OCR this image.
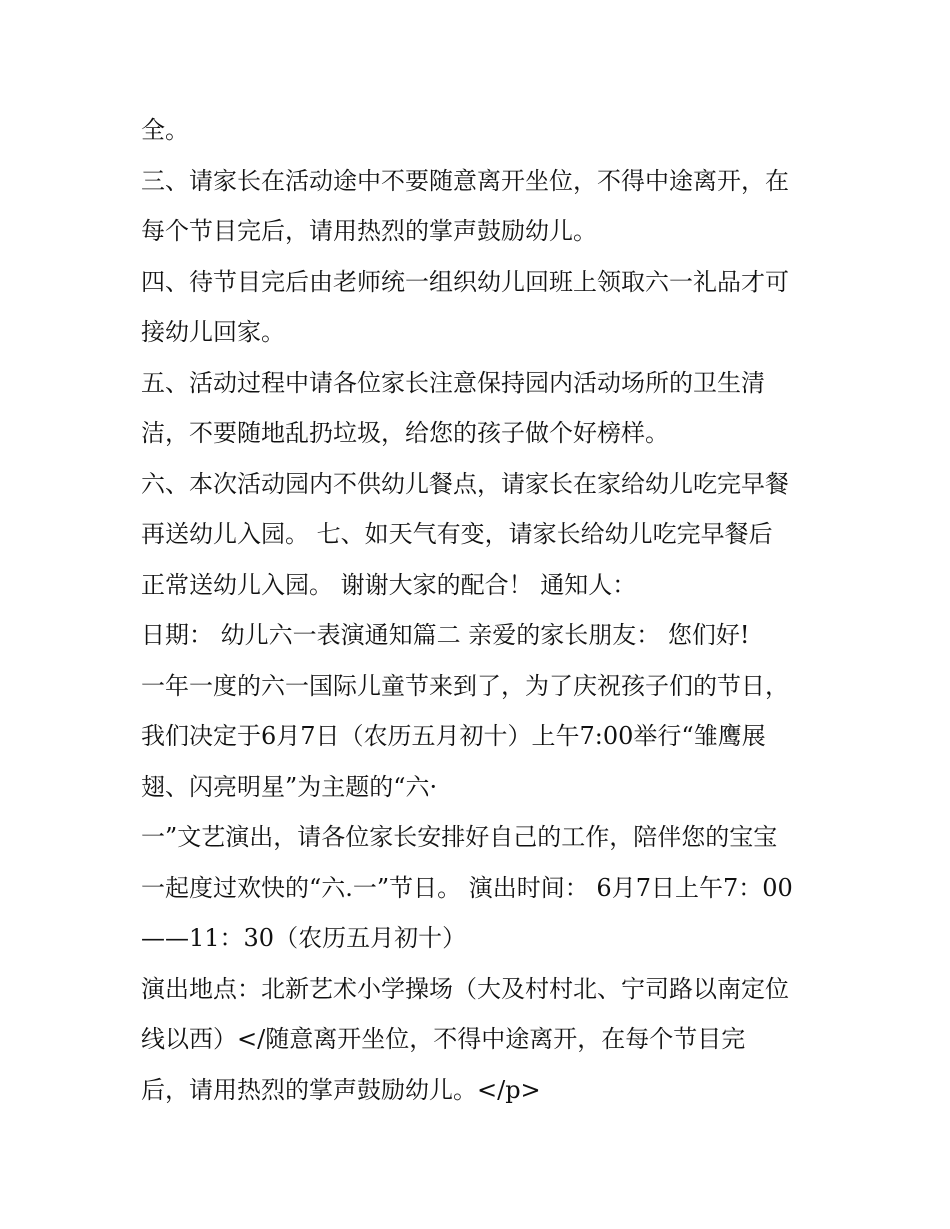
全。
三、请家长在活动途中不要随意离开坐位，不得中途离开，在
每个节目完后，请用热烈的掌声鼓励幼儿。
四、待节目完后由老师统一组织幼儿回班上领取六一礼品才可
接幼儿回家。
五、活动过程中请各位家长注意保持园内活动场所的卫生清
洁，不要随地乱扔垃圾，给您的孩子做个好榜样。
六、本次活动园内不供幼儿餐点，请家长在家给幼儿吃完早餐
再送幼儿入园。 七、如天气有变，请家长给幼儿吃完早餐后
正常送幼儿入园。 谢谢大家的配合！ 通知人：
日期： 幼儿六一表演通知篇二 亲爱的家长朋友： 您们好!
一年一度的六一国际儿童节来到了，为了庆祝孩子们的节日，
我们决定于6月7日（农历五月初十）上午7:00举行“雏鹰展
翅、闪亮明星”为主题的“六·
一”文艺演出，请各位家长安排好自己的工作，陪伴您的宝宝
一起度过欢快的“六.一”节日。 演出时间： 6月7日上午7：00
——11：30（农历五月初十）
演出地点：北新艺术小学操场（大及村村北、宁司路以南定位
线以西）</随意离开坐位，不得中途离开，在每个节目完
后，请用热烈的掌声鼓励幼儿。</p>
